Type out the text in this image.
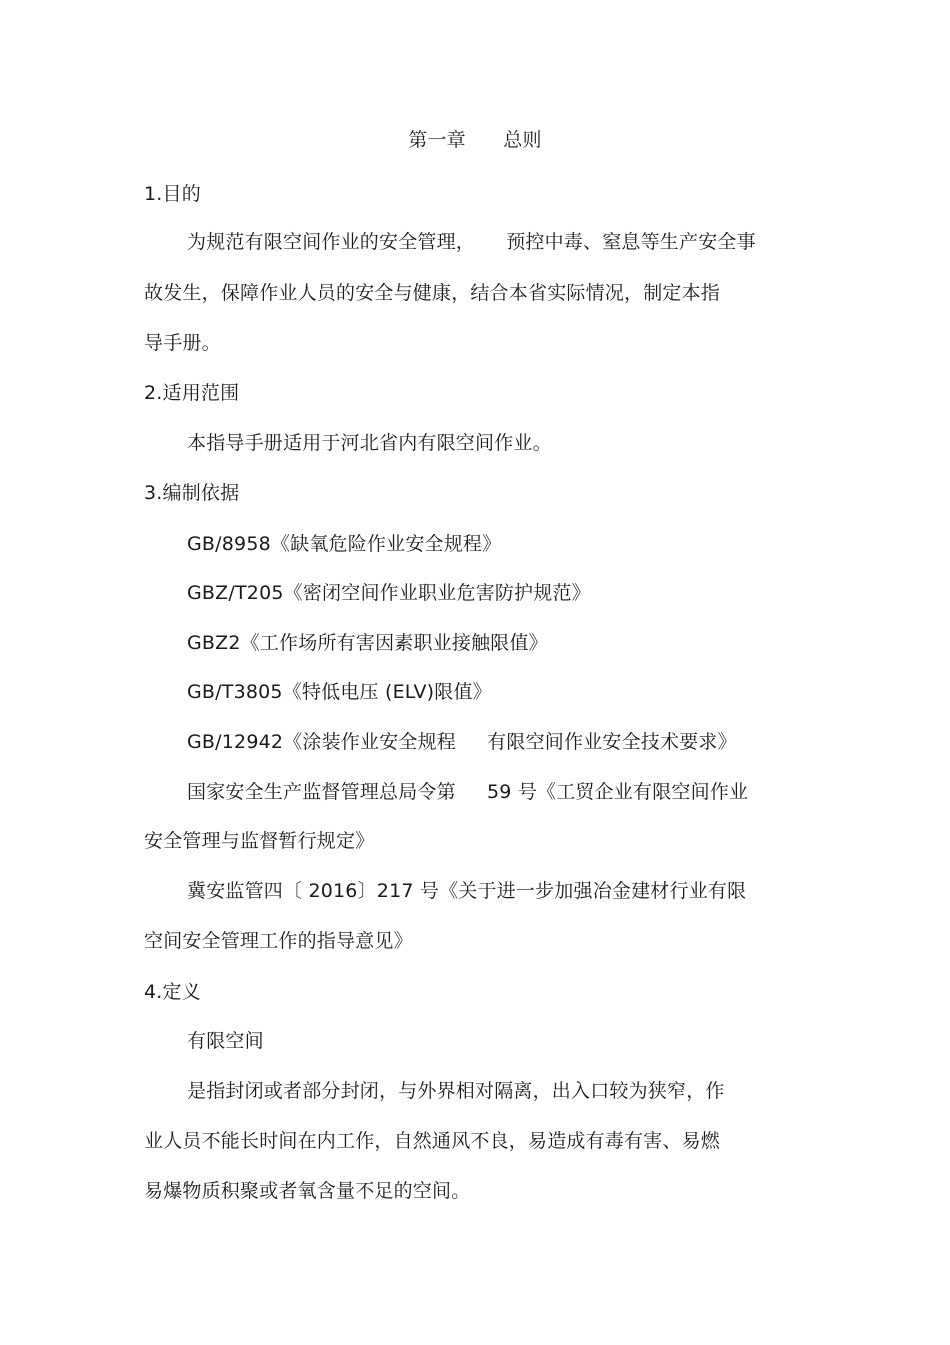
第一章      总则
1.目的
为规范有限空间作业的安全管理，     预控中毒、窒息等生产安全事
故发生，保障作业人员的安全与健康，结合本省实际情况，制定本指
导手册。
2.适用范围
本指导手册适用于河北省内有限空间作业。
3.编制依据
GB/8958《缺氧危险作业安全规程》
GBZ/T205《密闭空间作业职业危害防护规范》
GBZ2《工作场所有害因素职业接触限值》
GB/T3805《特低电压 (ELV)限值》
GB/12942《涂装作业安全规程     有限空间作业安全技术要求》
国家安全生产监督管理总局令第     59 号《工贸企业有限空间作业
安全管理与监督暂行规定》
冀安监管四〔 2016〕217 号《关于进一步加强冶金建材行业有限
空间安全管理工作的指导意见》
4.定义
有限空间
是指封闭或者部分封闭，与外界相对隔离，出入口较为狭窄，作
业人员不能长时间在内工作，自然通风不良，易造成有毒有害、易燃
易爆物质积聚或者氧含量不足的空间。
